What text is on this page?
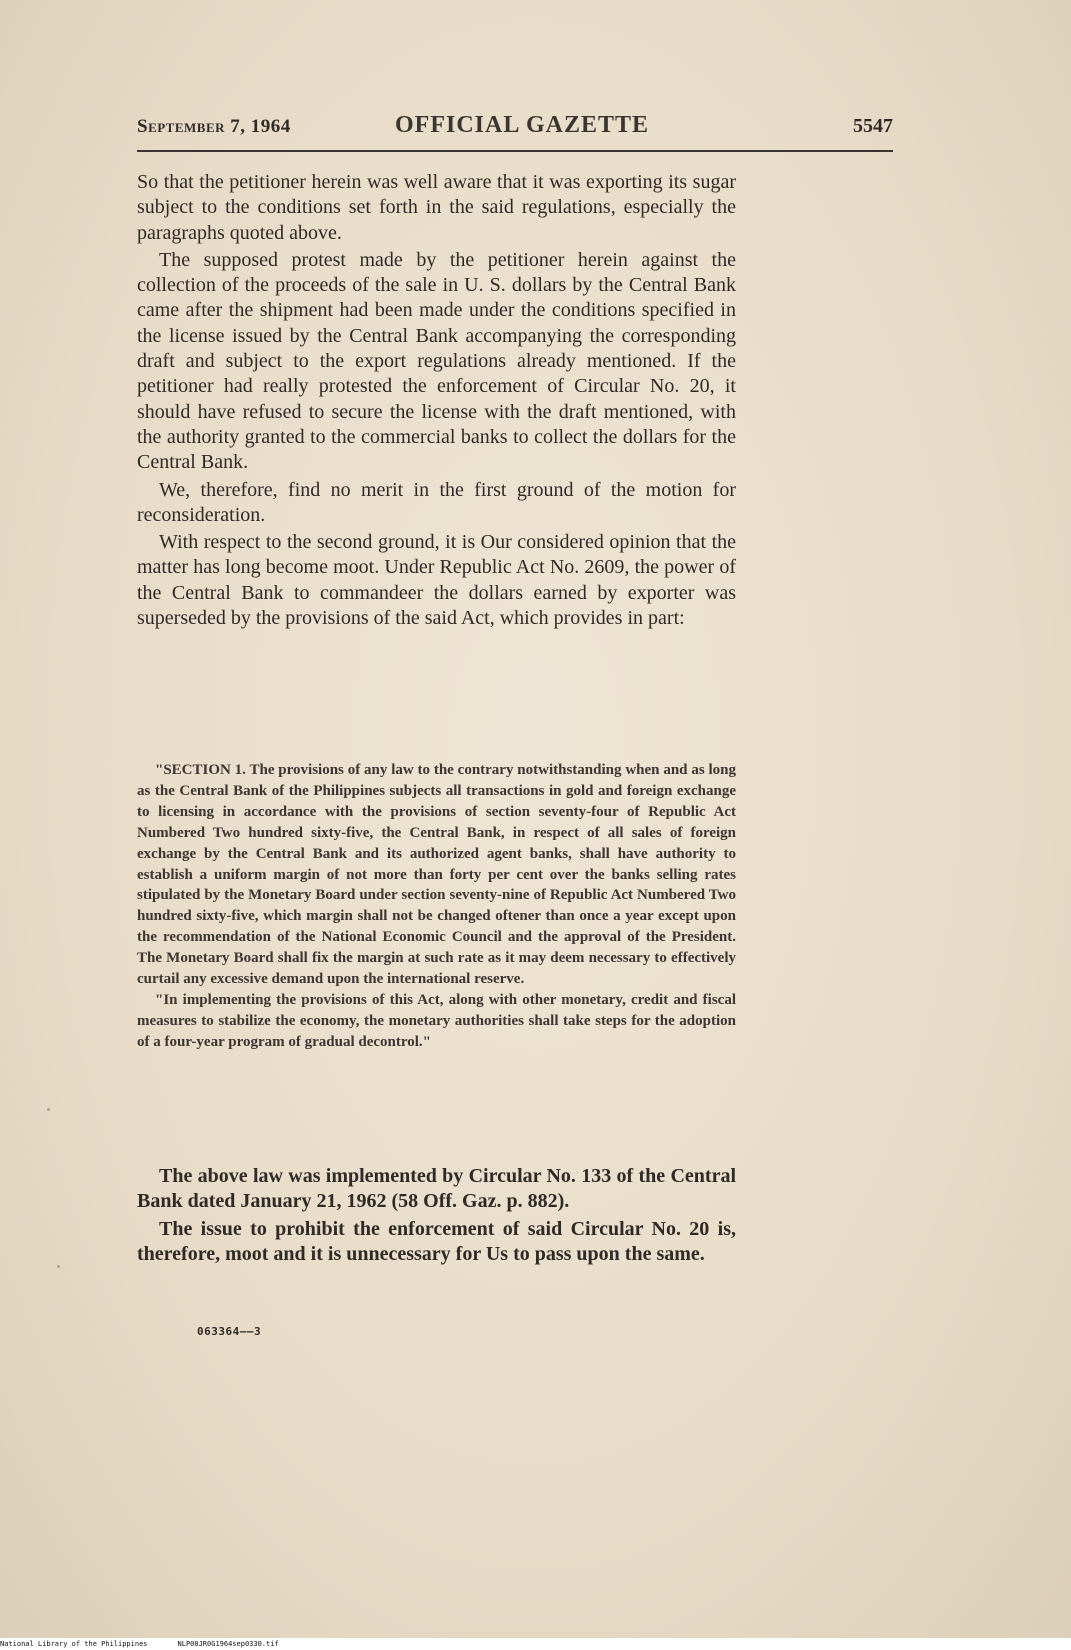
September 7, 1964	OFFICIAL GAZETTE	5547

So that the petitioner herein was well aware that it was exporting its sugar subject to the conditions set forth in the said regulations, especially the paragraphs quoted above.

The supposed protest made by the petitioner herein against the collection of the proceeds of the sale in U. S. dollars by the Central Bank came after the shipment had been made under the conditions specified in the license issued by the Central Bank accompanying the corresponding draft and subject to the export regulations already mentioned. If the petitioner had really protested the enforcement of Circular No. 20, it should have refused to secure the license with the draft mentioned, with the authority granted to the commercial banks to collect the dollars for the Central Bank.

We, therefore, find no merit in the first ground of the motion for reconsideration.

With respect to the second ground, it is Our considered opinion that the matter has long become moot. Under Republic Act No. 2609, the power of the Central Bank to commandeer the dollars earned by exporter was superseded by the provisions of the said Act, which provides in part:

"SECTION 1. The provisions of any law to the contrary notwithstanding when and as long as the Central Bank of the Philippines subjects all transactions in gold and foreign exchange to licensing in accordance with the provisions of section seventy-four of Republic Act Numbered Two hundred sixty-five, the Central Bank, in respect of all sales of foreign exchange by the Central Bank and its authorized agent banks, shall have authority to establish a uniform margin of not more than forty per cent over the banks selling rates stipulated by the Monetary Board under section seventy-nine of Republic Act Numbered Two hundred sixty-five, which margin shall not be changed oftener than once a year except upon the recommendation of the National Economic Council and the approval of the President. The Monetary Board shall fix the margin at such rate as it may deem necessary to effectively curtail any excessive demand upon the international reserve.

"In implementing the provisions of this Act, along with other monetary, credit and fiscal measures to stabilize the economy, the monetary authorities shall take steps for the adoption of a four-year program of gradual decontrol."

The above law was implemented by Circular No. 133 of the Central Bank dated January 21, 1962 (58 Off. Gaz. p. 882).

The issue to prohibit the enforcement of said Circular No. 20 is, therefore, moot and it is unnecessary for Us to pass upon the same.

063364——3
National Library of the Philippines	NLP00JR0G1964sep0330.tif
